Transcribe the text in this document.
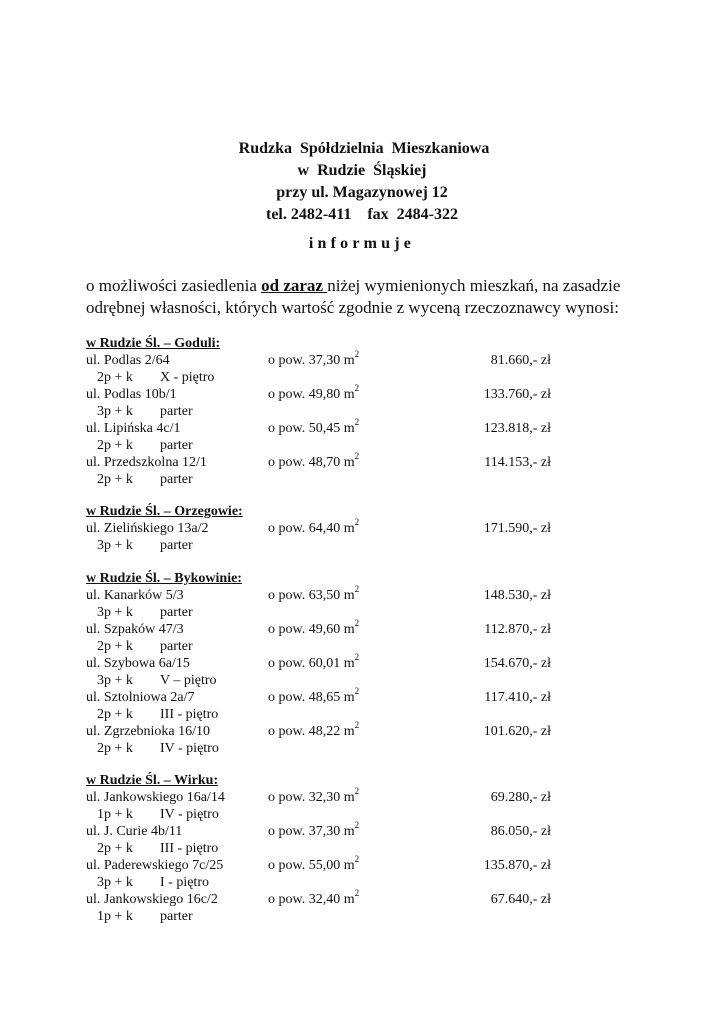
Rudzka  Spółdzielnia  Mieszkaniowa
w  Rudzie  Śląskiej
przy ul. Magazynowej 12
tel. 2482-411    fax  2484-322
informuje
o możliwości zasiedlenia od zaraz niżej wymienionych mieszkań, na zasadzie
odrębnej własności, których wartość zgodnie z wyceną rzeczoznawcy wynosi:
w Rudzie Śl. – Goduli:
ul. Podlas 2/64	o pow. 37,30 $m^2$	81.660,- zł
2p + k X - piętro
ul. Podlas 10b/1	o pow. 49,80 $m^2$	133.760,- zł
3p + k parter
ul. Lipińska 4c/1	o pow. 50,45 $m^2$	123.818,- zł
2p + k parter
ul. Przedszkolna 12/1	o pow. 48,70 $m^2$	114.153,- zł
2p + k parter
w Rudzie Śl. – Orzegowie:
ul. Zielińskiego 13a/2	o pow. 64,40 $m^2$	171.590,- zł
3p + k parter
w Rudzie Śl. – Bykowinie:
ul. Kanarków 5/3	o pow. 63,50 $m^2$	148.530,- zł
3p + k parter
ul. Szpaków 47/3	o pow. 49,60 $m^2$	112.870,- zł
2p + k parter
ul. Szybowa 6a/15	o pow. 60,01 $m^2$	154.670,- zł
3p + k V – piętro
ul. Sztolniowa 2a/7	o pow. 48,65 $m^2$	117.410,- zł
2p + k III - piętro
ul. Zgrzebnioka 16/10	o pow. 48,22 $m^2$	101.620,- zł
2p + k IV - piętro
w Rudzie Śl. – Wirku:
ul. Jankowskiego 16a/14	o pow. 32,30 $m^2$	69.280,- zł
1p + k IV - piętro
ul. J. Curie 4b/11	o pow. 37,30 $m^2$	86.050,- zł
2p + k III - piętro
ul. Paderewskiego 7c/25	o pow. 55,00 $m^2$	135.870,- zł
3p + k I - piętro
ul. Jankowskiego 16c/2	o pow. 32,40 $m^2$	67.640,- zł
1p + k parter
